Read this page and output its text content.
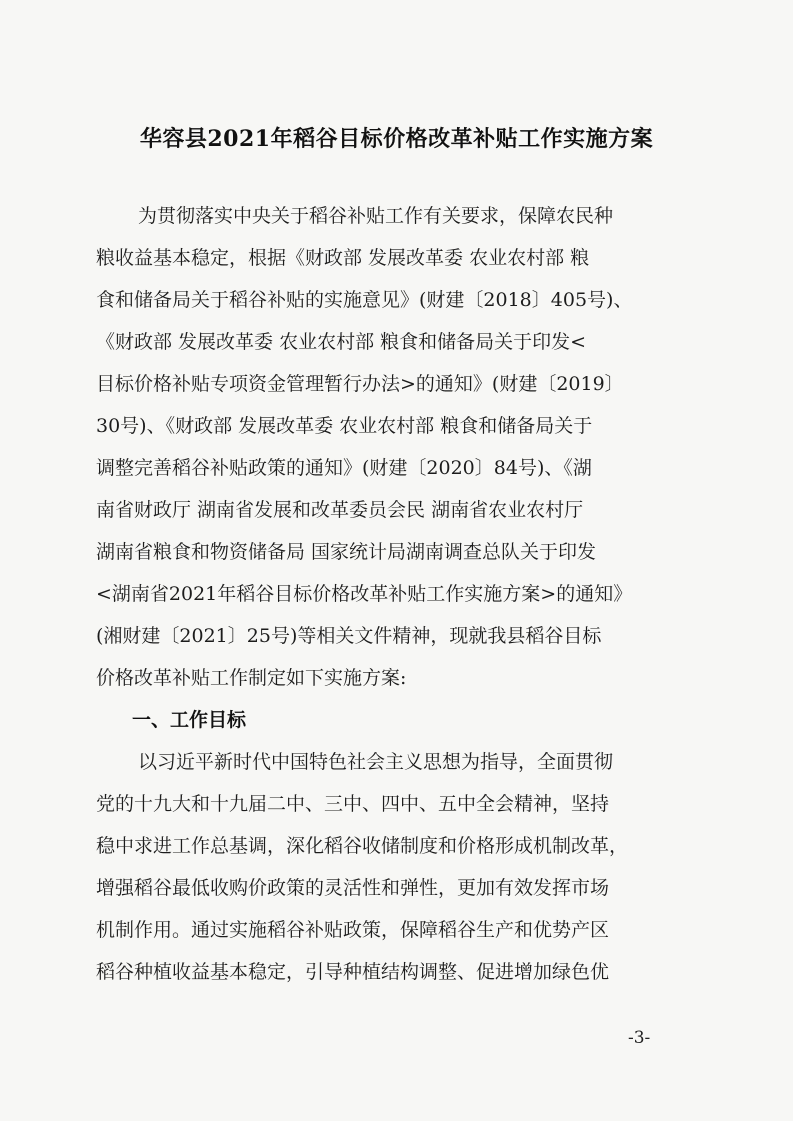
华容县2021年稻谷目标价格改革补贴工作实施方案
为贯彻落实中央关于稻谷补贴工作有关要求，保障农民种
粮收益基本稳定，根据《财政部 发展改革委 农业农村部 粮
食和储备局关于稻谷补贴的实施意见》(财建〔2018〕405号)、
《财政部 发展改革委 农业农村部 粮食和储备局关于印发<
目标价格补贴专项资金管理暂行办法>的通知》(财建〔2019〕
30号)、《财政部 发展改革委 农业农村部 粮食和储备局关于
调整完善稻谷补贴政策的通知》(财建〔2020〕84号)、《湖
南省财政厅 湖南省发展和改革委员会民 湖南省农业农村厅
湖南省粮食和物资储备局 国家统计局湖南调查总队关于印发
<湖南省2021年稻谷目标价格改革补贴工作实施方案>的通知》
(湘财建〔2021〕25号)等相关文件精神，现就我县稻谷目标
价格改革补贴工作制定如下实施方案:
一、工作目标
以习近平新时代中国特色社会主义思想为指导，全面贯彻
党的十九大和十九届二中、三中、四中、五中全会精神，坚持
稳中求进工作总基调，深化稻谷收储制度和价格形成机制改革，
增强稻谷最低收购价政策的灵活性和弹性，更加有效发挥市场
机制作用。通过实施稻谷补贴政策，保障稻谷生产和优势产区
稻谷种植收益基本稳定，引导种植结构调整、促进增加绿色优
-3-
